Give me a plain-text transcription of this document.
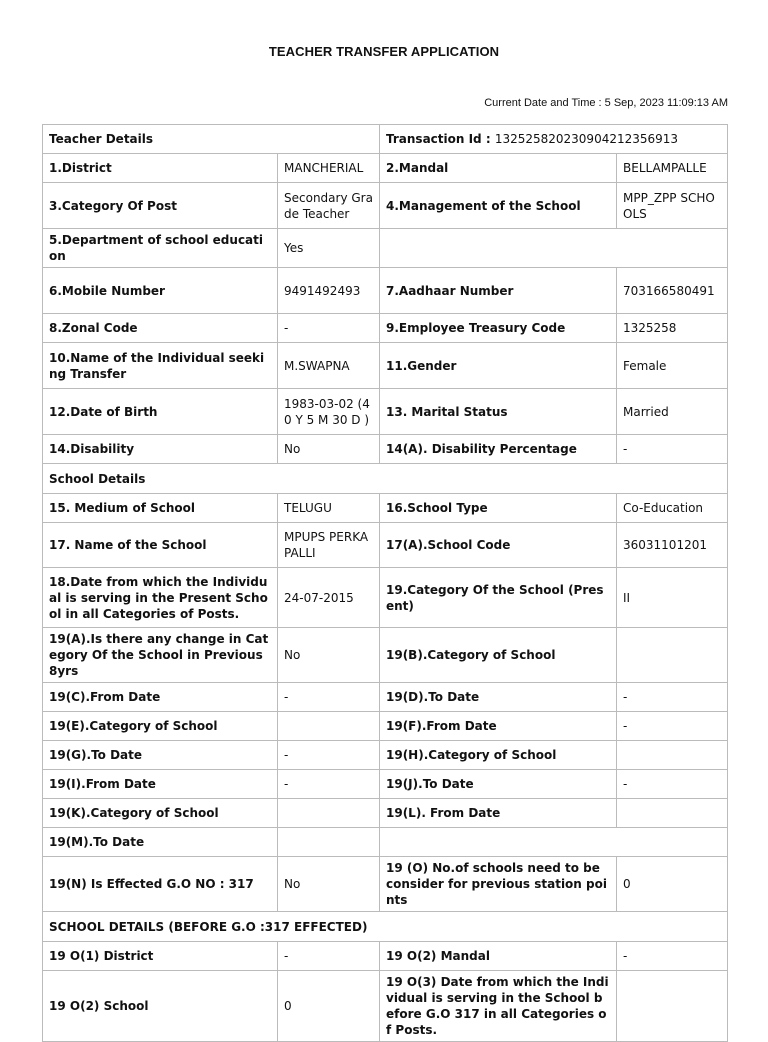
TEACHER TRANSFER APPLICATION
Current Date and Time : 5 Sep, 2023 11:09:13 AM
Teacher Details		Transaction Id : 13252582023090421235691‌3	
1.District	MANCHERIAL	2.Mandal	BELLAMPALLE
3.Category Of Post	Secondary Grade Teacher	4.Management of the School	MPP_ZPP SCHOOLS
5.Department of school education	Yes		
6.Mobile Number	9491492493	7.Aadhaar Number	703166580491
8.Zonal Code	-	9.Employee Treasury Code	1325258
10.Name of the Individual seeking Transfer	M.SWAPNA	11.Gender	Female
12.Date of Birth	1983-03-02 (40 Y 5 M 30 D )	13. Marital Status	Married
14.Disability	No	14(A). Disability Percentage	-
School Details			
15. Medium of School	TELUGU	16.School Type	Co-Education
17. Name of the School	MPUPS PERKAPALLI	17(A).School Code	36031101201
18.Date from which the Individual is serving in the Present School in all Categories of Posts.	24-07-2015	19.Category Of the School (Present)	II
19(A).Is there any change in Category Of the School in Previous 8yrs	No	19(B).Category of School	
19(C).From Date	-	19(D).To Date	-
19(E).Category of School		19(F).From Date	-
19(G).To Date	-	19(H).Category of School	
19(I).From Date	-	19(J).To Date	-
19(K).Category of School		19(L). From Date	
19(M).To Date			
19(N) Is Effected G.O NO : 317	No	19 (O) No.of schools need to be consider for previous station points	0
SCHOOL DETAILS (BEFORE G.O :317 EFFECTED)			
19 O(1) District	-	19 O(2) Mandal	-
19 O(2) School	0	19 O(3) Date from which the Individual is serving in the School before G.O 317 in all Categories of Posts.	
